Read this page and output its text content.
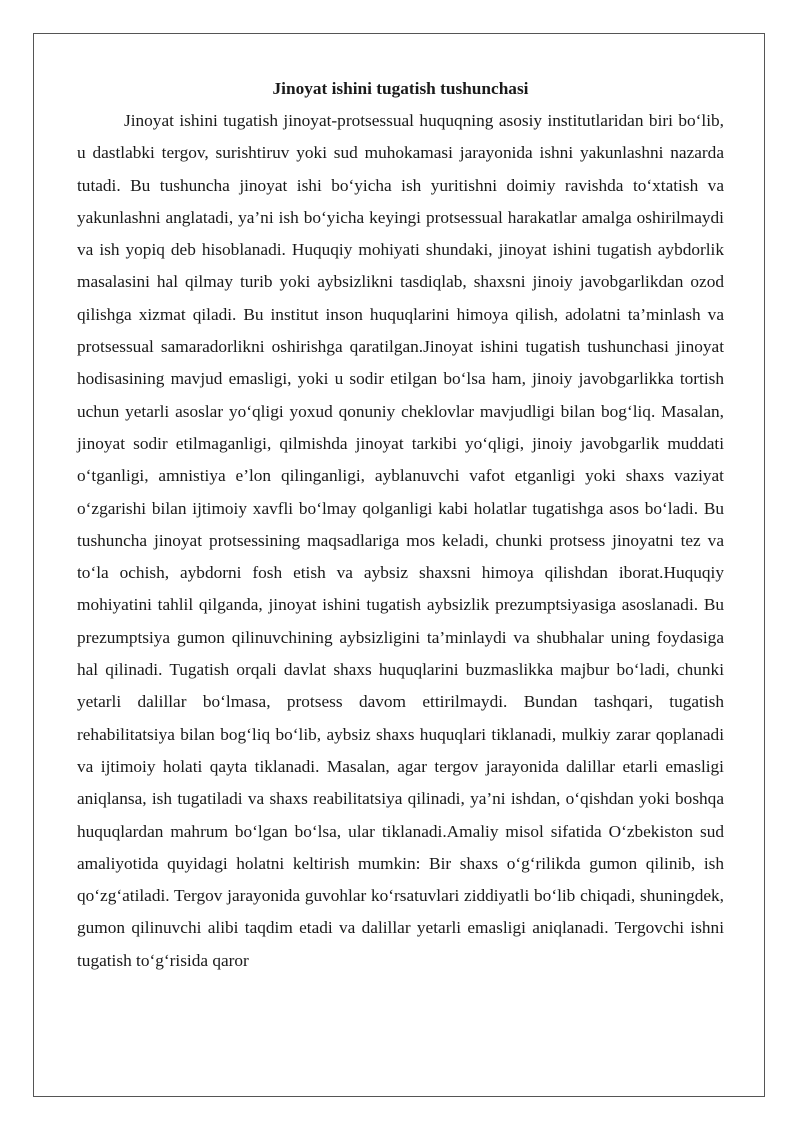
Jinoyat ishini tugatish tushunchasi

Jinoyat ishini tugatish jinoyat-protsessual huquqning asosiy institutlaridan biri bo‘lib, u dastlabki tergov, surishtiruv yoki sud muhokamasi jarayonida ishni yakunlashni nazarda tutadi. Bu tushuncha jinoyat ishi bo‘yicha ish yuritishni doimiy ravishda to‘xtatish va yakunlashni anglatadi, ya’ni ish bo‘yicha keyingi protsessual harakatlar amalga oshirilmaydi va ish yopiq deb hisoblanadi. Huquqiy mohiyati shundaki, jinoyat ishini tugatish aybdorlik masalasini hal qilmay turib yoki aybsizlikni tasdiqlab, shaxsni jinoiy javobgarlikdan ozod qilishga xizmat qiladi. Bu institut inson huquqlarini himoya qilish, adolatni ta’minlash va protsessual samaradorlikni oshirishga qaratilgan.Jinoyat ishini tugatish tushunchasi jinoyat hodisasining mavjud emasligi, yoki u sodir etilgan bo‘lsa ham, jinoiy javobgarlikka tortish uchun yetarli asoslar yo‘qligi yoxud qonuniy cheklovlar mavjudligi bilan bog‘liq. Masalan, jinoyat sodir etilmaganligi, qilmishda jinoyat tarkibi yo‘qligi, jinoiy javobgarlik muddati o‘tganligi, amnistiya e’lon qilinganligi, ayblanuvchi vafot etganligi yoki shaxs vaziyat o‘zgarishi bilan ijtimoiy xavfli bo‘lmay qolganligi kabi holatlar tugatishga asos bo‘ladi. Bu tushuncha jinoyat protsessining maqsadlariga mos keladi, chunki protsess jinoyatni tez va to‘la ochish, aybdorni fosh etish va aybsiz shaxsni himoya qilishdan iborat.Huquqiy mohiyatini tahlil qilganda, jinoyat ishini tugatish aybsizlik prezumptsiyasiga asoslanadi. Bu prezumptsiya gumon qilinuvchining aybsizligini ta’minlaydi va shubhalar uning foydasiga hal qilinadi. Tugatish orqali davlat shaxs huquqlarini buzmaslikka majbur bo‘ladi, chunki yetarli dalillar bo‘lmasa, protsess davom ettirilmaydi. Bundan tashqari, tugatish rehabilitatsiya bilan bog‘liq bo‘lib, aybsiz shaxs huquqlari tiklanadi, mulkiy zarar qoplanadi va ijtimoiy holati qayta tiklanadi. Masalan, agar tergov jarayonida dalillar etarli emasligi aniqlansa, ish tugatiladi va shaxs reabilitatsiya qilinadi, ya’ni ishdan, o‘qishdan yoki boshqa huquqlardan mahrum bo‘lgan bo‘lsa, ular tiklanadi.Amaliy misol sifatida O‘zbekiston sud amaliyotida quyidagi holatni keltirish mumkin: Bir shaxs o‘g‘rilikda gumon qilinib, ish qo‘zg‘atiladi. Tergov jarayonida guvohlar ko‘rsatuvlari ziddiyatli bo‘lib chiqadi, shuningdek, gumon qilinuvchi alibi taqdim etadi va dalillar yetarli emasligi aniqlanadi. Tergovchi ishni tugatish to‘g‘risida qaror
